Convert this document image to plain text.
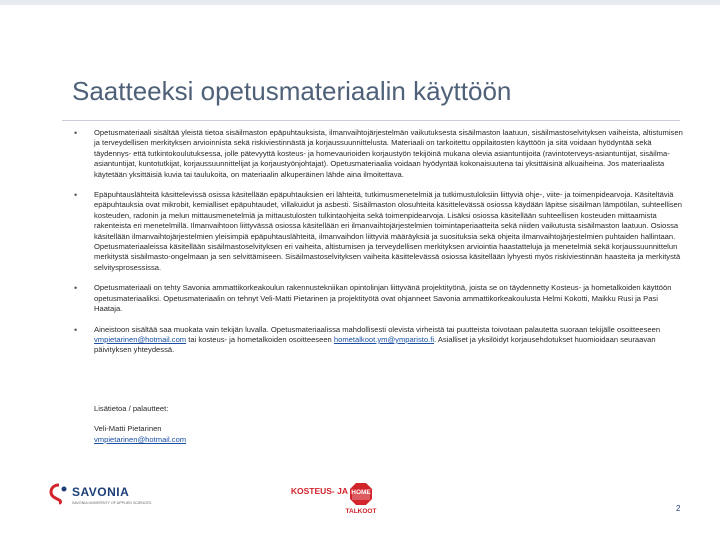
Saatteeksi opetusmateriaalin käyttöön
• Opetusmateriaali sisältää yleistä tietoa sisäilmaston epäpuhtauksista, ilmanvaihtojärjestelmän vaikutuksesta sisäilmaston laatuun, sisäilmastoselvityksen vaiheista, altistumisen ja terveydellisen merkityksen arvioinnista sekä riskiviestinnästä ja korjaussuunnittelusta. Materiaali on tarkoitettu oppilaitosten käyttöön ja sitä voidaan hyödyntää sekä täydennys- että tutkintokoulutuksessa, jolle pätevyyttä kosteus- ja homevaurioiden korjaustyön tekijöinä mukana olevia asiantuntijoita (ravintoterveys-asiantuntijat, sisäilma-asiantuntijat, kuntotutkijat, korjaussuunnittelijat ja korjaustyönjohtajat). Opetusmateriaalia voidaan hyödyntää kokonaisuutena tai yksittäisinä alkuaiheina. Jos materiaalista käytetään yksittäisiä kuvia tai taulukoita, on materiaalin alkuperäinen lähde aina ilmoitettava.
• Epäpuhtauslähteitä käsittelevissä osissa käsitellään epäpuhtauksien eri lähteitä, tutkimusmenetelmiä ja tutkimustuloksiin liittyviä ohje-, viite- ja toimenpidearvoja. Käsiteltäviä epäpuhtauksia ovat mikrobit, kemialliset epäpuhtaudet, villakuidut ja asbesti. Sisäilmaston olosuhteita käsittelevässä osiossa käydään läpitse sisäilman lämpötilan, suhteellisen kosteuden, radonin ja melun mittausmenetelmiä ja mittaustulosten tulkintaohjeita sekä toimenpidearvoja. Lisäksi osiossa käsitellään suhteellisen kosteuden mittaamista rakenteista eri menetelmillä. Ilmanvaihtoon liittyvässä osiossa käsitellään eri ilmanvaihtojärjestelmien toimintaperiaatteita sekä niiden vaikutusta sisäilmaston laatuun. Osiossa käsitellään ilmanvaihtojärjestelmien yleisimpiä epäpuhtauslähteitä, ilmanvaihdon liittyviä määräyksiä ja suosituksia sekä ohjeita ilmanvaihtojärjestelmien puhtaiden hallintaan. Opetusmateriaaleissa käsitellään sisäilmastoselvityksen eri vaiheita, altistumisen ja terveydellisen merkityksen arviointia haastatteluja ja menetelmiä sekä korjaussuunnittelun merkitystä sisäilmasto-ongelmaan ja sen selvittämiseen. Sisäilmastoselvityksen vaiheita käsittelevässä osiossa käsitellään lyhyesti myös riskiviestinnän haasteita ja merkitystä selvitysprosessissa.
• Opetusmateriaali on tehty Savonia ammattikorkeakoulun rakennustekniikan opintolinjan liittyvänä projektityönä, joista se on täydennetty Kosteus- ja hometalkoiden käyttöön opetusmateriaaliksi. Opetusmateriaalin on tehnyt Veli-Matti Pietarinen ja projektityötä ovat ohjanneet Savonia ammattikorkeakoulusta Helmi Kokotti, Maikku Rusi ja Pasi Haataja.
• Aineistoon sisältää saa muokata vain tekijän luvalla. Opetusmateriaalissa mahdollisesti olevista virheistä tai puutteista toivotaan palautetta suoraan tekijälle osoitteeseen vmpietarinen@hotmail.com tai kosteus- ja hometalkoiden osoitteeseen hometalkoot.ym@ymparisto.fi. Asialliset ja yksilöidyt korjausehdotukset huomioidaan seuraavan päivityksen yhteydessä.
Lisätietoa / palautteet:
Veli-Matti Pietarinen
vmpietarinen@hotmail.com
SAVONIA
SAVONIA UNIVERSITY OF APPLIED SCIENCES
KOSTEUS- JA HOME
TALKOOT	2
